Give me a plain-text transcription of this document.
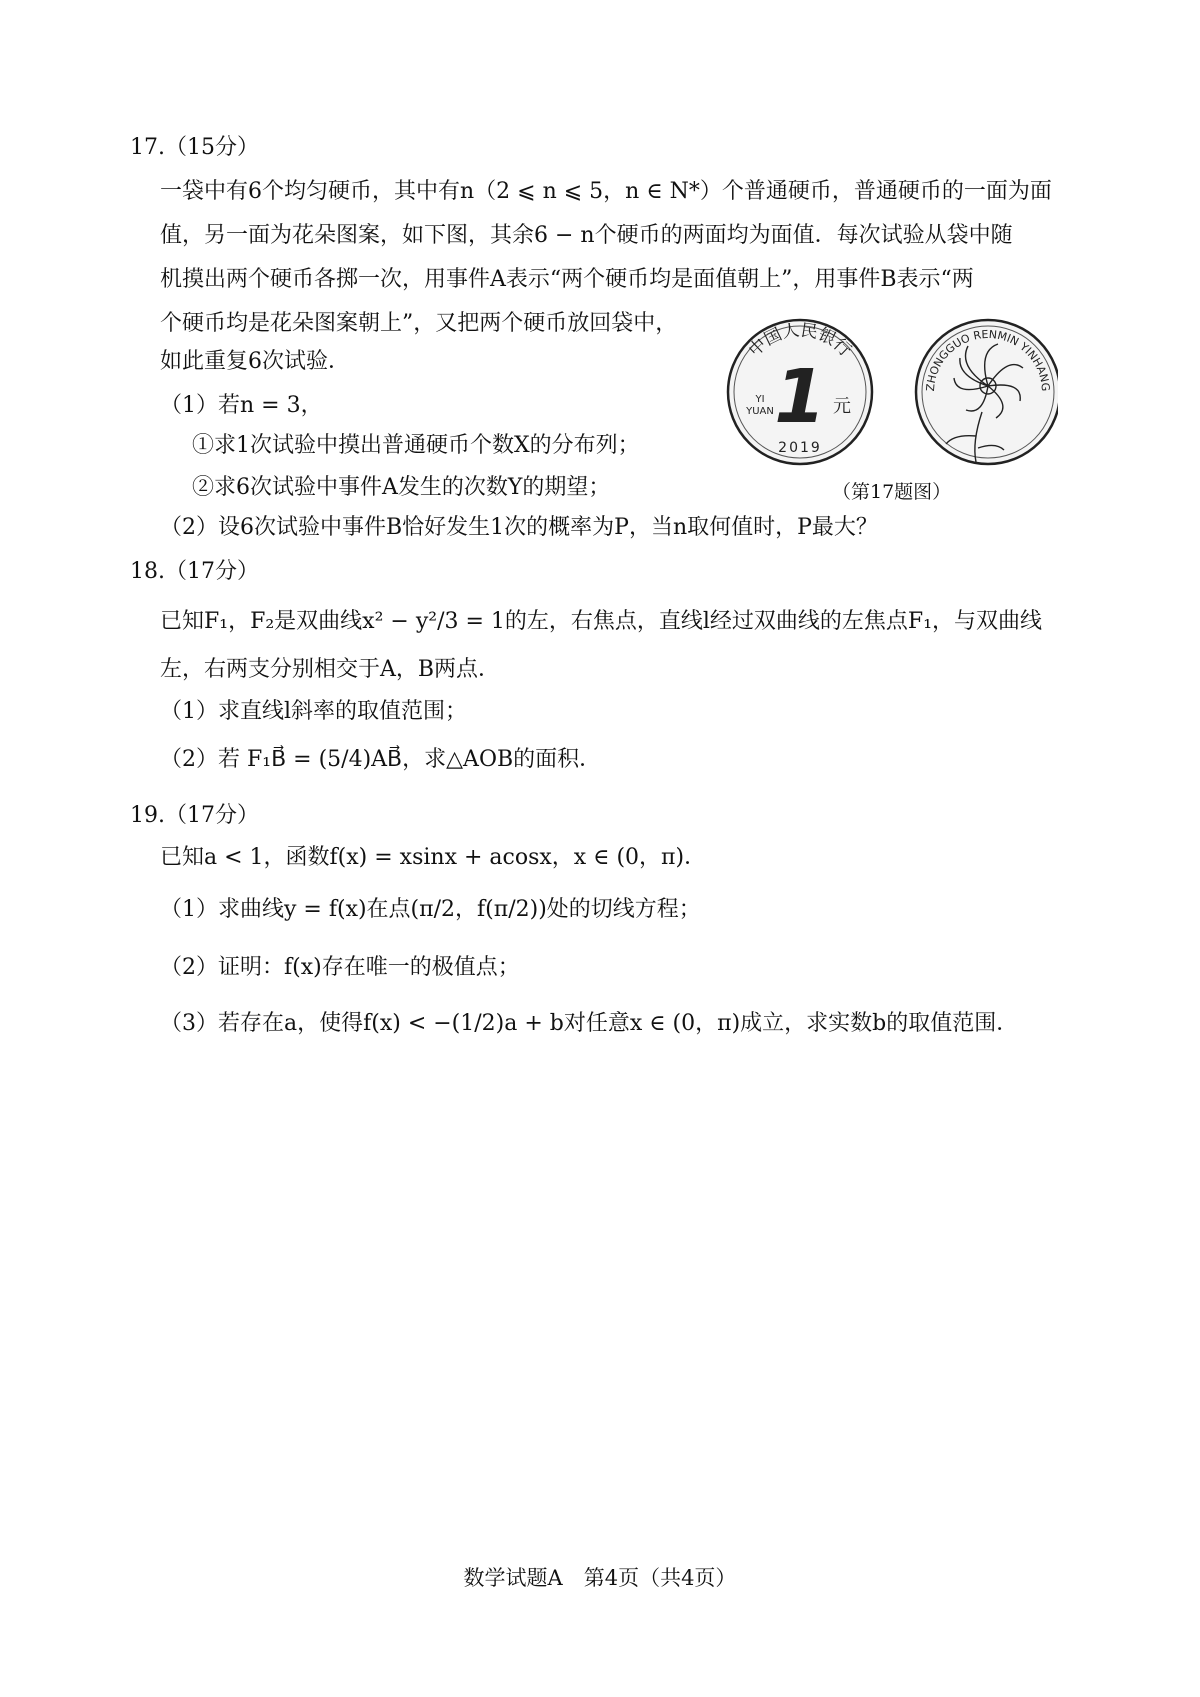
17.（15分）
一袋中有6个均匀硬币，其中有n（2 ⩽ n ⩽ 5，n ∈ N*）个普通硬币，普通硬币的一面为面
值，另一面为花朵图案，如下图，其余6 − n个硬币的两面均为面值．每次试验从袋中随
机摸出两个硬币各掷一次，用事件A表示“两个硬币均是面值朝上”，用事件B表示“两
个硬币均是花朵图案朝上”，又把两个硬币放回袋中，
如此重复6次试验．
（1）若n = 3，
①求1次试验中摸出普通硬币个数X的分布列；
②求6次试验中事件A发生的次数Y的期望；
（2）设6次试验中事件B恰好发生1次的概率为P，当n取何值时，P最大？
中国人民银行
1
YI
YUAN	元
2019
ZHONGGUO RENMIN YINHANG
（第17题图）
18.（17分）
已知F₁，F₂是双曲线x² − y²/3 = 1的左，右焦点，直线l经过双曲线的左焦点F₁，与双曲线
左，右两支分别相交于A，B两点．
（1）求直线l斜率的取值范围；
（2）若 F₁B⃗ = (5/4)AB⃗，求△AOB的面积．
19.（17分）
已知a < 1，函数f(x) = xsinx + acosx，x ∈ (0，π)．
（1）求曲线y = f(x)在点(π/2，f(π/2))处的切线方程；
（2）证明：f(x)存在唯一的极值点；
（3）若存在a，使得f(x) < −(1/2)a + b对任意x ∈ (0，π)成立，求实数b的取值范围．
数学试题A　第4页（共4页）
